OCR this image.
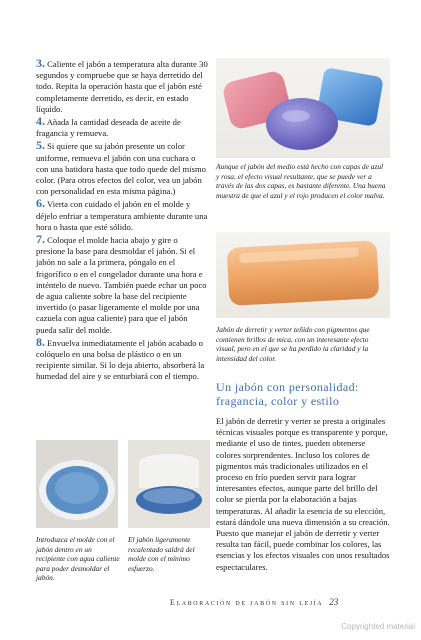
3. Caliente el jabón a temperatura alta durante 30 segundos y compruebe que se haya derretido del todo. Repita la operación hasta que el jabón esté completamente derretido, es decir, en estado líquido.

4. Añada la cantidad deseada de aceite de fragancia y remueva.

5. Si quiere que su jabón presente un color uniforme, remueva el jabón con una cuchara o con una batidora hasta que todo quede del mismo color. (Para otros efectos del color, vea un jabón con personalidad en esta misma página.)

6. Vierta con cuidado el jabón en el molde y déjelo enfriar a temperatura ambiente durante una hora o hasta que esté sólido.

7. Coloque el molde hacia abajo y gire o presione la base para desmoldar el jabón. Si el jabón no sale a la primera, póngalo en el frigorífico o en el congelador durante una hora e inténtelo de nuevo. También puede echar un poco de agua caliente sobre la base del recipiente invertido (o pasar ligeramente el molde por una cazuela con agua caliente) para que el jabón pueda salir del molde.

8. Envuelva inmediatamente el jabón acabado o colóquelo en una bolsa de plástico o en un recipiente similar. Si lo deja abierto, absorberá la humedad del aire y se enturbiará con el tiempo.

Aunque el jabón del medio está hecho con capas de azul y rosa, el efecto visual resultante, que se puede ver a través de las dos capas, es bastante diferente. Una buena muestra de que el azul y el rojo producen el color malva.
Jabón de derretir y verter teñido con pigmentos que contienen brillos de mica, con un interesante efecto visual, pero en el que se ha perdido la claridad y la intensidad del color.
Introduzca el molde con el jabón dentro en un recipiente con agua caliente para poder desmoldar el jabón.
El jabón ligeramente recalentado saldrá del molde con el mínimo esfuerzo.
Un jabón con personalidad: fragancia, color y estilo
El jabón de derretir y verter se presta a originales técnicas visuales porque es transparente y porque, mediante el uso de tintes, pueden obtenerse colores sorprendentes. Incluso los colores de pigmentos más tradicionales utilizados en el proceso en frío pueden servir para lograr interesantes efectos, aunque parte del brillo del color se pierda por la elaboración a bajas temperaturas. Al añadir la esencia de su elección, estará dándole una nueva dimensión a su creación. Puesto que manejar el jabón de derretir y verter resulta tan fácil, puede combinar los colores, las esencias y los efectos visuales con unos resultados espectaculares.
Elaboración de jabón sin lejía 23
Copyrighted material
